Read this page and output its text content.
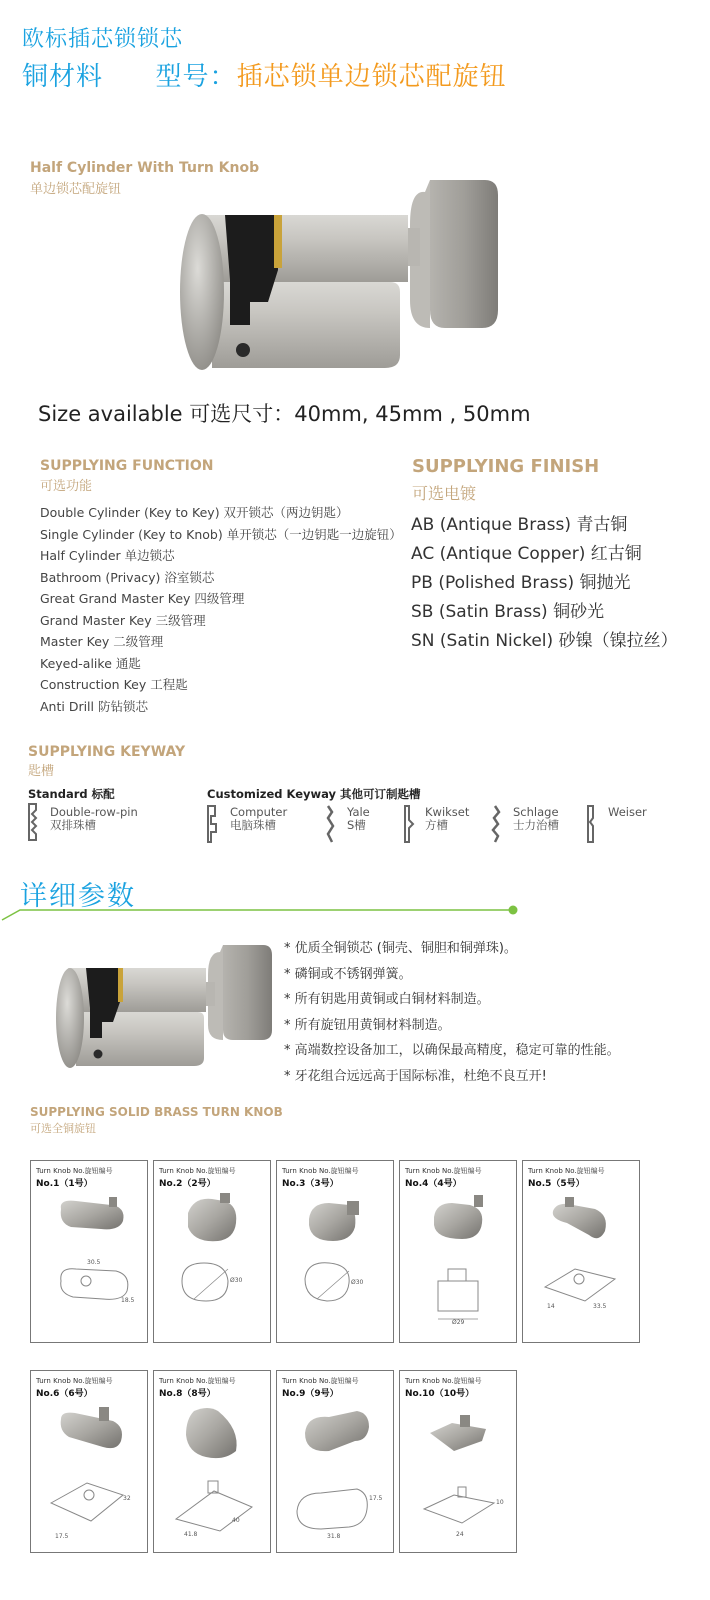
欧标插芯锁锁芯
铜材料 型号：插芯锁单边锁芯配旋钮
Half Cylinder With Turn Knob
单边锁芯配旋钮
Size available 可选尺寸：40mm, 45mm , 50mm
SUPPLYING FUNCTION
可选功能
Double Cylinder (Key to Key) 双开锁芯（两边钥匙）
Single Cylinder (Key to Knob) 单开锁芯（一边钥匙一边旋钮）
Half Cylinder 单边锁芯
Bathroom (Privacy) 浴室锁芯
Great Grand Master Key 四级管理
Grand Master Key 三级管理
Master Key 二级管理
Keyed-alike 通匙
Construction Key 工程匙
Anti Drill 防钻锁芯
SUPPLYING FINISH
可选电镀
AB (Antique Brass) 青古铜
AC (Antique Copper) 红古铜
PB (Polished Brass) 铜抛光
SB (Satin Brass) 铜砂光
SN (Satin Nickel) 砂镍（镍拉丝）
SUPPLYING KEYWAY
匙槽
Standard 标配	Customized Keyway 其他可订制匙槽
Double-row-pin
双排珠槽
Computer
电脑珠槽
Yale
S槽
Kwikset
方槽
Schlage
士力治槽
Weiser
详细参数
* 优质全铜锁芯 (铜壳、铜胆和铜弹珠)。
* 磷铜或不锈钢弹簧。
* 所有钥匙用黄铜或白铜材料制造。
* 所有旋钮用黄铜材料制造。
* 高端数控设备加工，以确保最高精度，稳定可靠的性能。
* 牙花组合远远高于国际标准，杜绝不良互开!
SUPPLYING SOLID BRASS TURN KNOB
可选全铜旋钮
Turn Knob No.旋钮编号
No.1（1号）
30.5
18.5
Turn Knob No.旋钮编号
No.2（2号）
Ø30
Turn Knob No.旋钮编号
No.3（3号）
Ø30
Turn Knob No.旋钮编号
No.4（4号）
Ø29
Turn Knob No.旋钮编号
No.5（5号）
14	33.5
Turn Knob No.旋钮编号
No.6（6号）
17.5
32
Turn Knob No.旋钮编号
No.8（8号）
41.8
40
Turn Knob No.旋钮编号
No.9（9号）
31.8
17.5
Turn Knob No.旋钮编号
No.10（10号）
24
10
